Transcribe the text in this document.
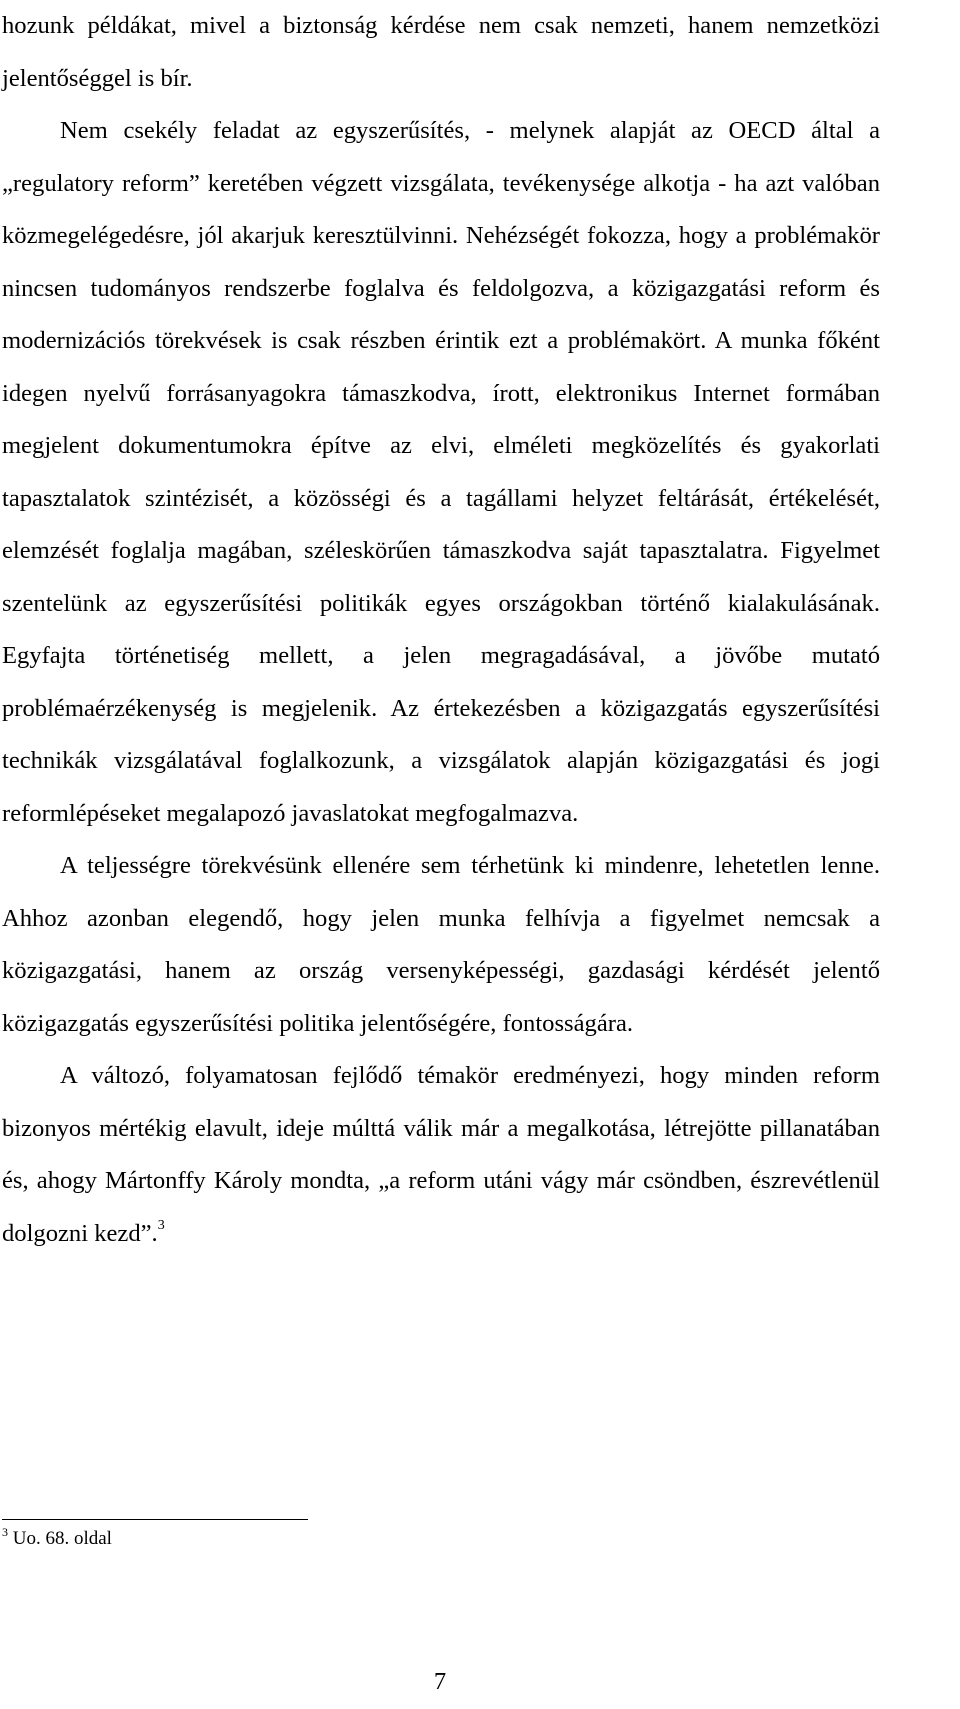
hozunk példákat, mivel a biztonság kérdése nem csak nemzeti, hanem nemzetközi jelentőséggel is bír.

Nem csekély feladat az egyszerűsítés, - melynek alapját az OECD által a „regulatory reform” keretében végzett vizsgálata, tevékenysége alkotja - ha azt valóban közmegelégedésre, jól akarjuk keresztülvinni. Nehézségét fokozza, hogy a problémakör nincsen tudományos rendszerbe foglalva és feldolgozva, a közigazgatási reform és modernizációs törekvések is csak részben érintik ezt a problémakört. A munka főként idegen nyelvű forrásanyagokra támaszkodva, írott, elektronikus Internet formában megjelent dokumentumokra építve az elvi, elméleti megközelítés és gyakorlati tapasztalatok szintézisét, a közösségi és a tagállami helyzet feltárását, értékelését, elemzését foglalja magában, széleskörűen támaszkodva saját tapasztalatra. Figyelmet szentelünk az egyszerűsítési politikák egyes országokban történő kialakulásának. Egyfajta történetiség mellett, a jelen megragadásával, a jövőbe mutató problémaérzékenység is megjelenik. Az értekezésben a közigazgatás egyszerűsítési technikák vizsgálatával foglalkozunk, a vizsgálatok alapján közigazgatási és jogi reformlépéseket megalapozó javaslatokat megfogalmazva.

A teljességre törekvésünk ellenére sem térhetünk ki mindenre, lehetetlen lenne. Ahhoz azonban elegendő, hogy jelen munka felhívja a figyelmet nemcsak a közigazgatási, hanem az ország versenyképességi, gazdasági kérdését jelentő közigazgatás egyszerűsítési politika jelentőségére, fontosságára.

A változó, folyamatosan fejlődő témakör eredményezi, hogy minden reform bizonyos mértékig elavult, ideje múlttá válik már a megalkotása, létrejötte pillanatában és, ahogy Mártonffy Károly mondta, „a reform utáni vágy már csöndben, észrevétlenül dolgozni kezd”.$^3$

$^3$ Uo. 68. oldal
7
